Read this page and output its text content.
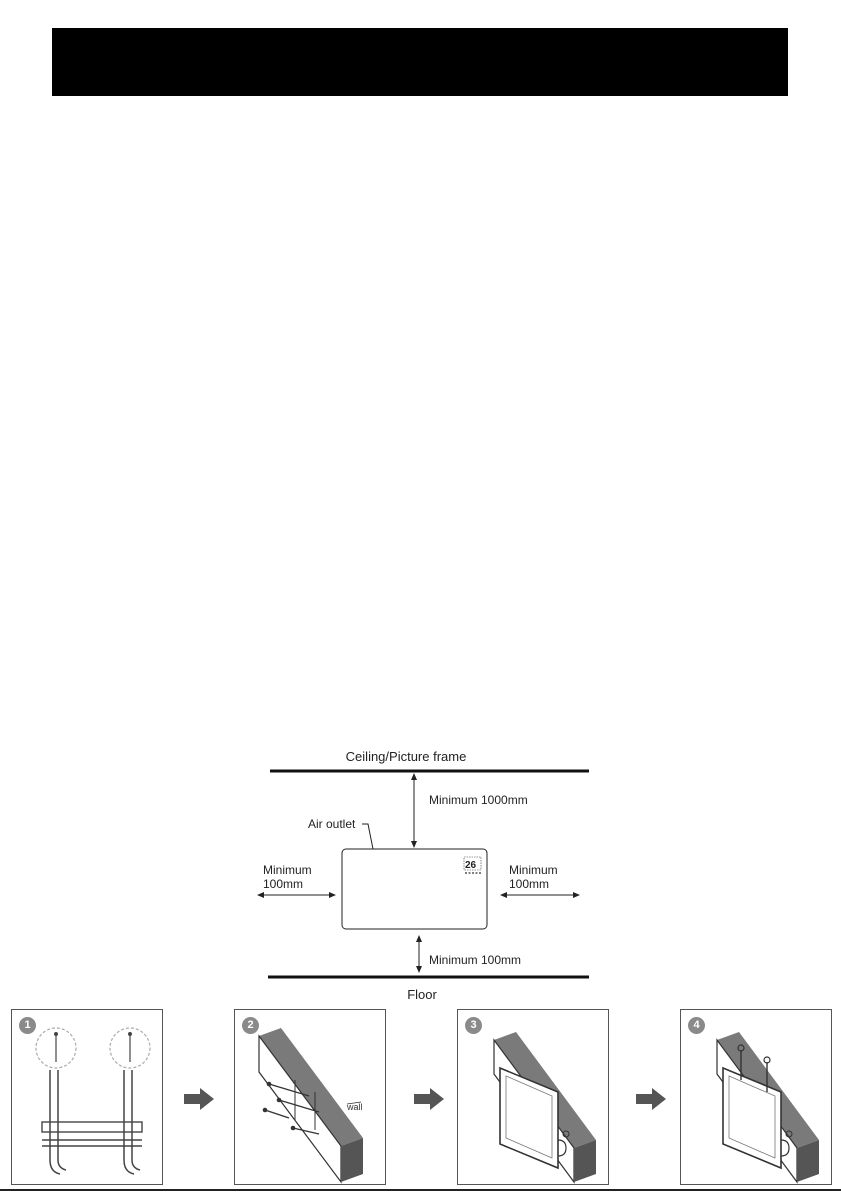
Ceiling/Picture frame
Minimum 1000mm
Air outlet
26
Minimum
100mm
Minimum
100mm
Minimum 100mm
Floor
1	2
wall
3	4
